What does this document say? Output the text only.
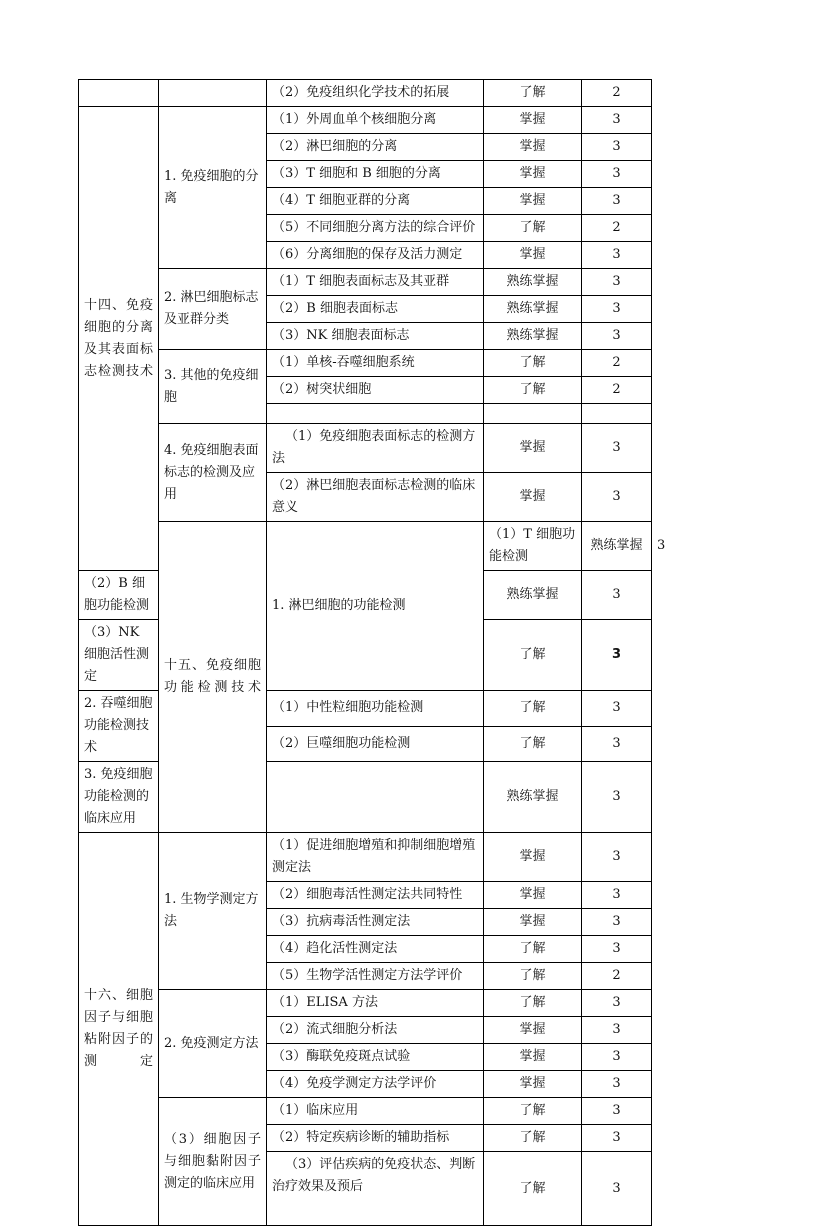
		（2）免疫组织化学技术的拓展	了解	2	
十四、免疫细胞的分离及其表面标志检测技术	1. 免疫细胞的分离	（1）外周血单个核细胞分离	掌握	3	
		（2）淋巴细胞的分离	掌握	3	
		（3）T 细胞和 B 细胞的分离	掌握	3	
		（4）T 细胞亚群的分离	掌握	3	
		（5）不同细胞分离方法的综合评价	了解	2	
		（6）分离细胞的保存及活力测定	掌握	3	
	2. 淋巴细胞标志及亚群分类	（1）T 细胞表面标志及其亚群	熟练掌握	3	
		（2）B 细胞表面标志	熟练掌握	3	
		（3）NK 细胞表面标志	熟练掌握	3	
	3. 其他的免疫细胞	（1）单核-吞噬细胞系统	了解	2	
		（2）树突状细胞	了解	2	

	4. 免疫细胞表面标志的检测及应用	（1）免疫细胞表面标志的检测方法	掌握	3	
		（2）淋巴细胞表面标志检测的临床意义	掌握	3	
	十五、免疫细胞功能检测技术	1. 淋巴细胞的功能检测	（1）T 细胞功能检测	熟练掌握	3
（2）B 细胞功能检测			熟练掌握	3	
（3）NK 细胞活性测定			了解	3	
2. 吞噬细胞功能检测技术		（1）中性粒细胞功能检测	了解	3	
		（2）巨噬细胞功能检测	了解	3	
3. 免疫细胞功能检测的临床应用			熟练掌握	3	
十六、细胞因子与细胞粘附因子的测定	1. 生物学测定方法	（1）促进细胞增殖和抑制细胞增殖测定法	掌握	3	
		（2）细胞毒活性测定法共同特性	掌握	3	
		（3）抗病毒活性测定法	掌握	3	
		（4）趋化活性测定法	了解	3	
		（5）生物学活性测定方法学评价	了解	2	
	2. 免疫测定方法	（1）ELISA 方法	了解	3	
		（2）流式细胞分析法	掌握	3	
		（3）酶联免疫斑点试验	掌握	3	
		（4）免疫学测定方法学评价	掌握	3	
	（3）细胞因子与细胞黏附因子测定的临床应用	（1）临床应用	了解	3	
		（2）特定疾病诊断的辅助指标	了解	3	
		（3）评估疾病的免疫状态、判断治疗效果及预后	了解	3	
